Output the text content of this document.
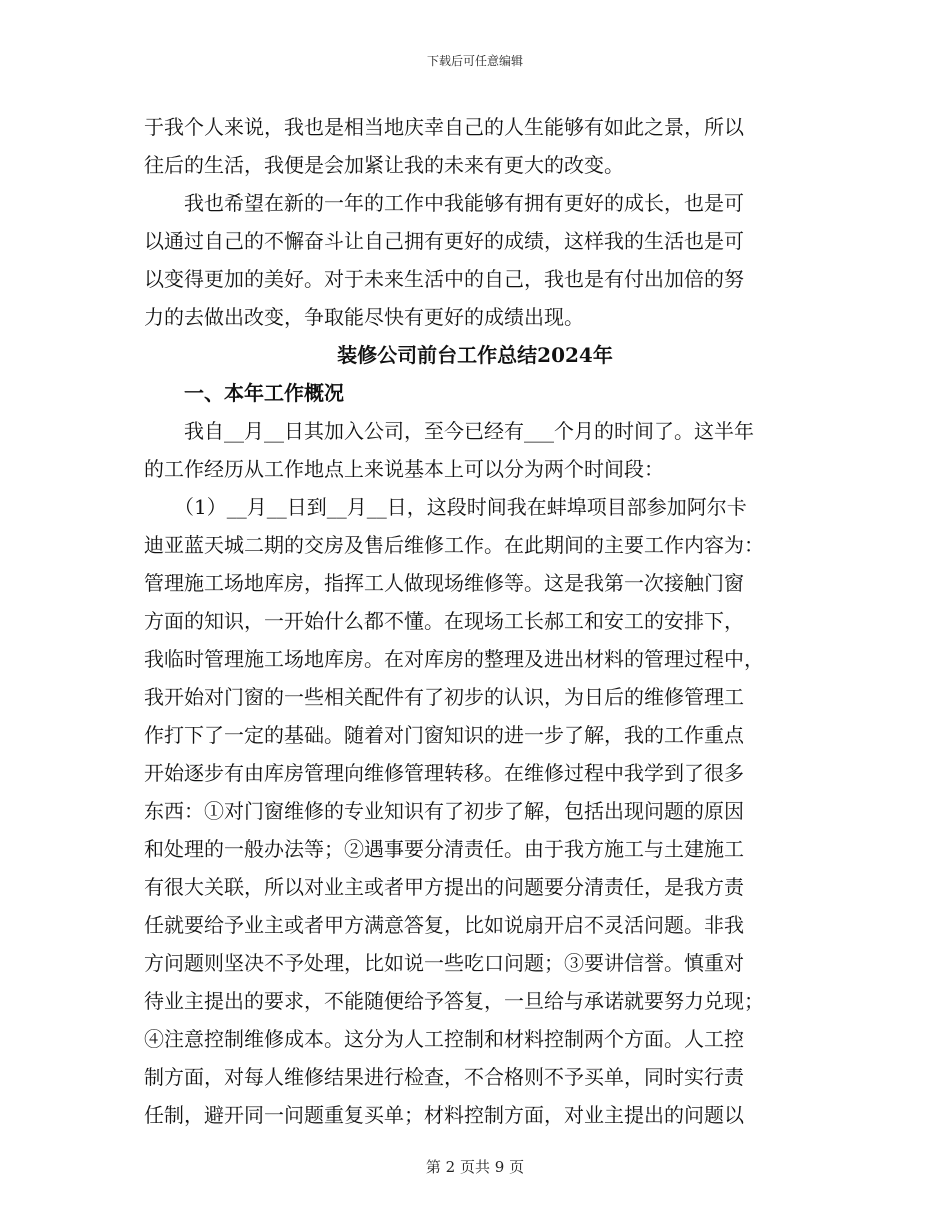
下载后可任意编辑
于我个人来说，我也是相当地庆幸自己的人生能够有如此之景，所以
往后的生活，我便是会加紧让我的未来有更大的改变。
　　我也希望在新的一年的工作中我能够有拥有更好的成长，也是可
以通过自己的不懈奋斗让自己拥有更好的成绩，这样我的生活也是可
以变得更加的美好。对于未来生活中的自己，我也是有付出加倍的努
力的去做出改变，争取能尽快有更好的成绩出现。
装修公司前台工作总结2024年
　　一、本年工作概况
　　我自__月__日其加入公司，至今已经有___个月的时间了。这半年
的工作经历从工作地点上来说基本上可以分为两个时间段：
　　（1）__月__日到__月__日，这段时间我在蚌埠项目部参加阿尔卡
迪亚蓝天城二期的交房及售后维修工作。在此期间的主要工作内容为：
管理施工场地库房，指挥工人做现场维修等。这是我第一次接触门窗
方面的知识，一开始什么都不懂。在现场工长郝工和安工的安排下，
我临时管理施工场地库房。在对库房的整理及进出材料的管理过程中，
我开始对门窗的一些相关配件有了初步的认识，为日后的维修管理工
作打下了一定的基础。随着对门窗知识的进一步了解，我的工作重点
开始逐步有由库房管理向维修管理转移。在维修过程中我学到了很多
东西：①对门窗维修的专业知识有了初步了解，包括出现问题的原因
和处理的一般办法等；②遇事要分清责任。由于我方施工与土建施工
有很大关联，所以对业主或者甲方提出的问题要分清责任，是我方责
任就要给予业主或者甲方满意答复，比如说扇开启不灵活问题。非我
方问题则坚决不予处理，比如说一些吃口问题；③要讲信誉。慎重对
待业主提出的要求，不能随便给予答复，一旦给与承诺就要努力兑现；
④注意控制维修成本。这分为人工控制和材料控制两个方面。人工控
制方面，对每人维修结果进行检查，不合格则不予买单，同时实行责
任制，避开同一问题重复买单；材料控制方面，对业主提出的问题以
第 2 页共 9 页
